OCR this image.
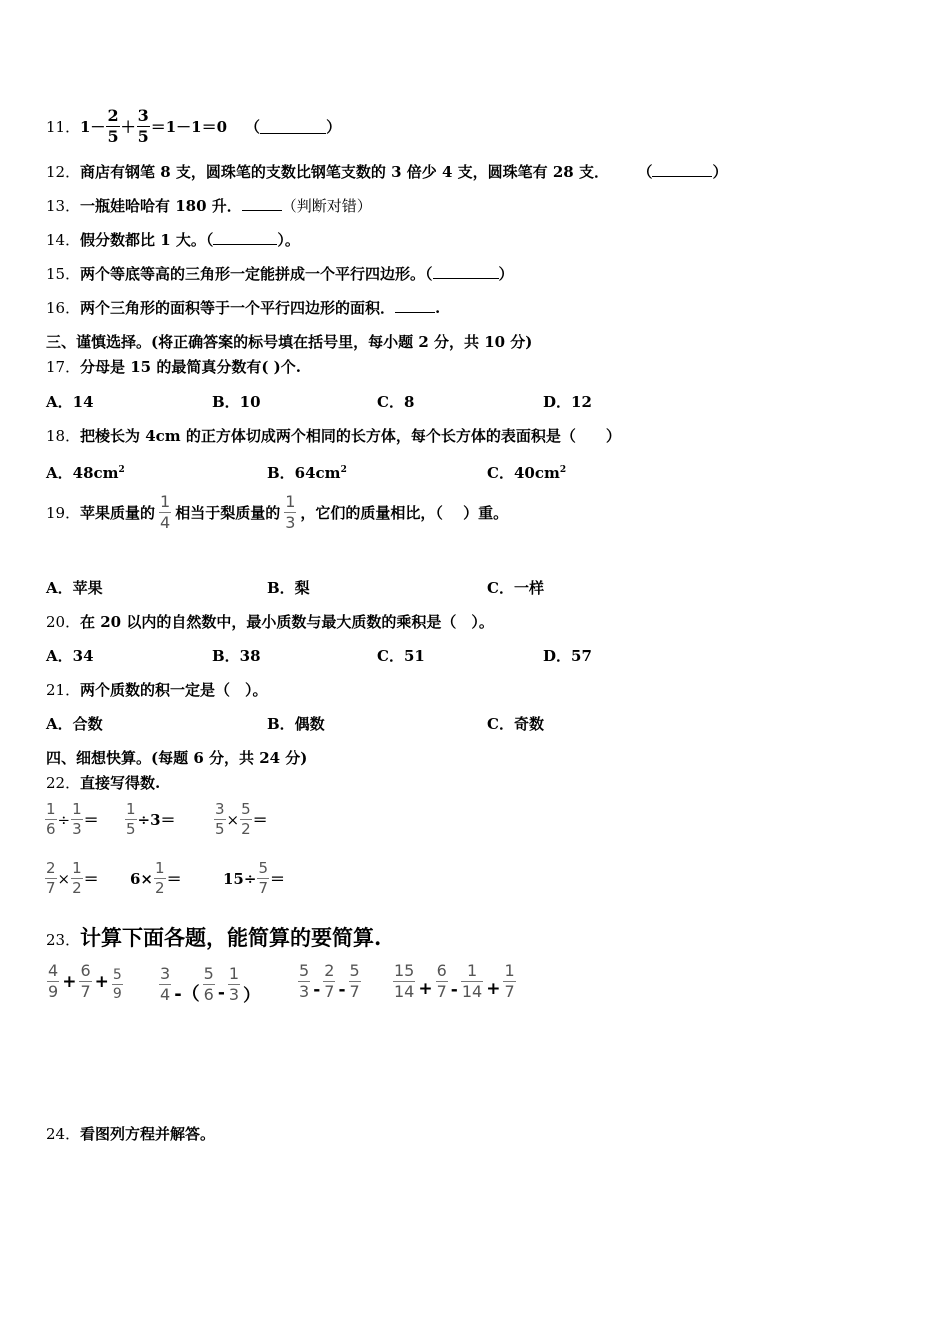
11． $1- \frac{2}{5} + \frac{3}{5} =1-1=0$ （	）
12．商店有钢笔 8 支，圆珠笔的支数比钢笔支数的 3 倍少 4 支，圆珠笔有 28 支． （	）
13．一瓶娃哈哈有 180 升．	（判断对错）
14．假分数都比 1 大。（	）。
15．两个等底等高的三角形一定能拼成一个平行四边形。（	）
16．两个三角形的面积等于一个平行四边形的面积．	.
三、谨慎选择。(将正确答案的标号填在括号里，每小题 2 分，共 10 分)
17．分母是 15 的最简真分数有( )个.
A．14	B．10	C．8	D．12
18．把棱长为 4cm 的正方体切成两个相同的长方体，每个长方体的表面积是（　　）
A．$48cm^2$	B．$64cm^2$	C．$40cm^2$
19． 苹果质量的 $\frac{1}{4}$ 相当于梨质量的 $\frac{1}{3}$ ，它们的质量相比，（　 ）重。
A．苹果	B．梨	C．一样
20．在 20 以内的自然数中，最小质数与最大质数的乘积是（　）。
A．34	B．38	C．51	D．57
21．两个质数的积一定是（　）。
A．合数	B．偶数	C．奇数
四、细想快算。(每题 6 分，共 24 分)
22．直接写得数.
$\frac{1}{6} \div \frac{1}{3} = \frac{1}{5} \div 3=$	$\frac{3}{5} \times \frac{5}{2}$ ＝
$\frac{2}{7} \times \frac{1}{2} = 6\times \frac{1}{2}$ ＝	$15\div \frac{5}{7}$ ＝
23． 计算下面各题，能简算的要简算.
$\frac{4}{9} + \frac{6}{7} + \frac{5}{9} \frac{3}{4}$ -（ $\frac{5}{6} - \frac{1}{3}$ ） $\frac{5}{3} - \frac{2}{7} - \frac{5}{7} \frac{15}{14} + \frac{6}{7} - \frac{1}{14} + \frac{1}{7}$
24．看图列方程并解答。
